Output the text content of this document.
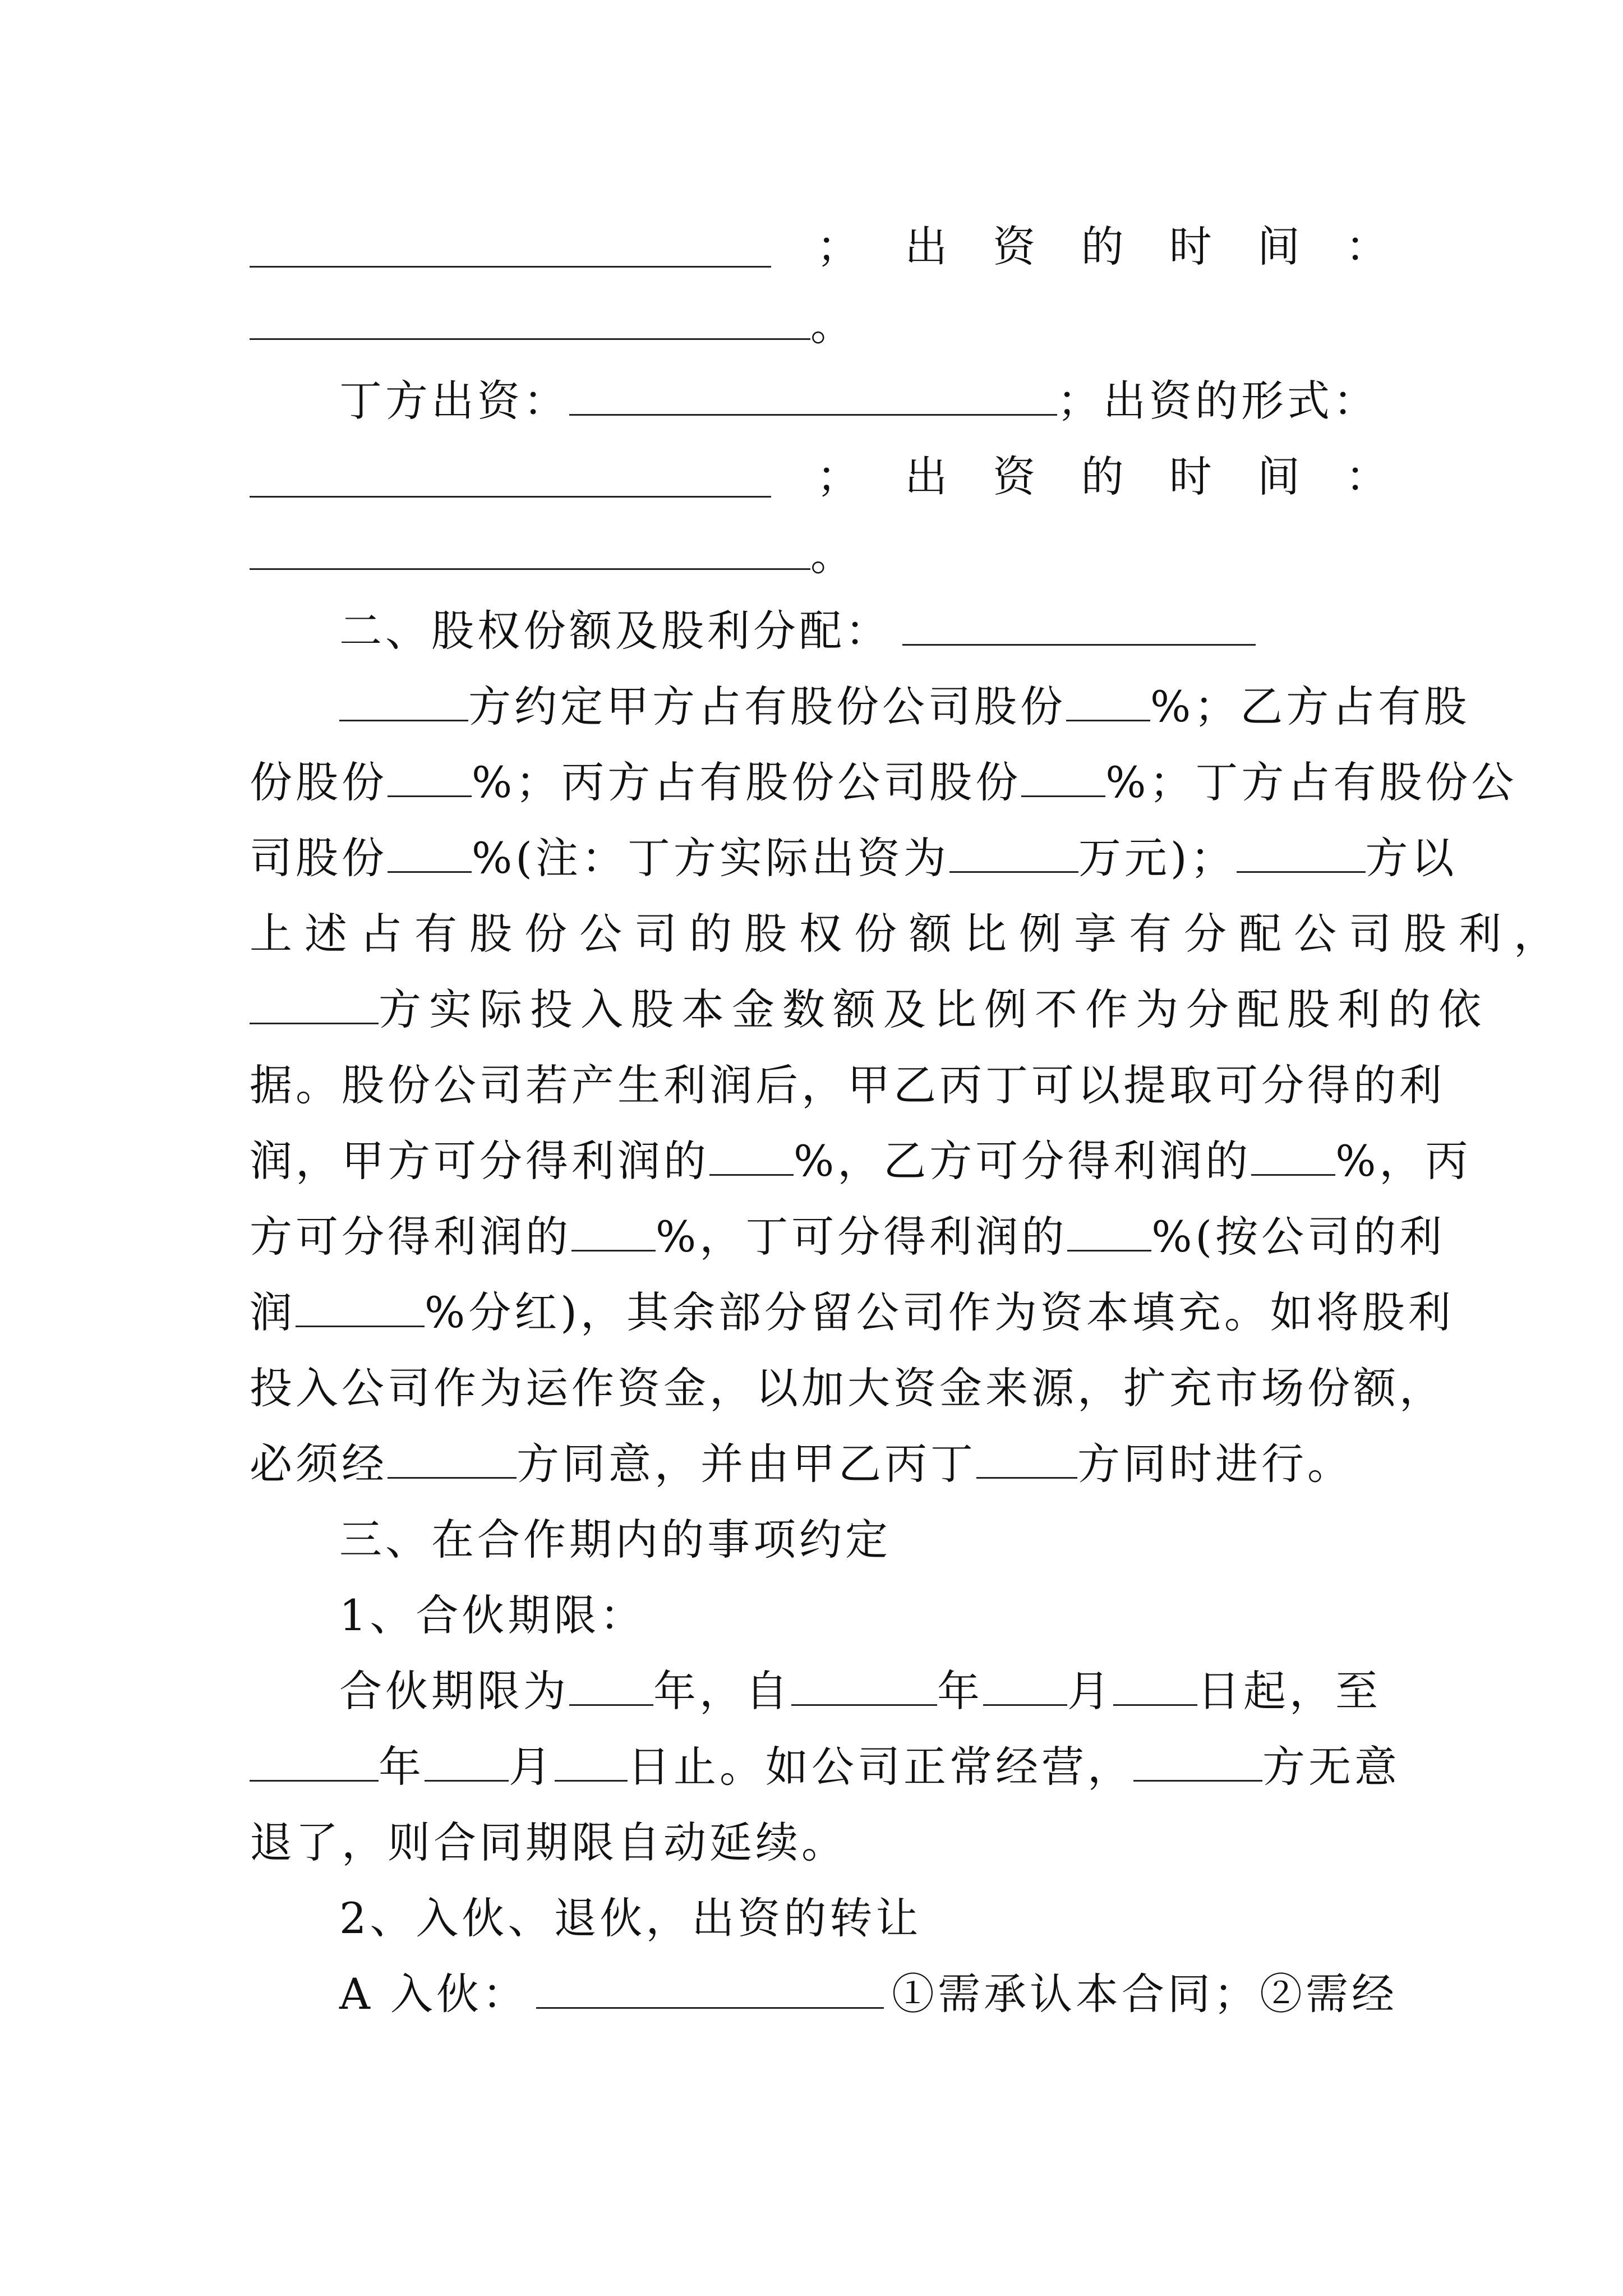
； 出 资 的 时 间 ：
。
丁方出资：	；出资的形式：
； 出 资 的 时 间 ：
。
二、股权份额及股利分配：
方约定甲方占有股份公司股份 %；乙方占有股
份股份 %；丙方占有股份公司股份 %；丁方占有股份公
司股份 %(注：丁方实际出资为	万元)；	方以
上述占有股份公司的股权份额比例享有分配公司股利，
方实际投入股本金数额及比例不作为分配股利的依
据。股份公司若产生利润后，甲乙丙丁可以提取可分得的利
润，甲方可分得利润的 %，乙方可分得利润的 %，丙
方可分得利润的 %，丁可分得利润的 %(按公司的利
润	%分红)，其余部分留公司作为资本填充。如将股利
投入公司作为运作资金，以加大资金来源，扩充市场份额，
必须经	方同意，并由甲乙丙丁 方同时进行。
三、在合作期内的事项约定
1、合伙期限：
合伙期限为 年，自	年 月 日起，至
年 月 日止。如公司正常经营，	方无意
退了，则合同期限自动延续。
2、入伙、退伙，出资的转让
A 入伙：	①需承认本合同；②需经
